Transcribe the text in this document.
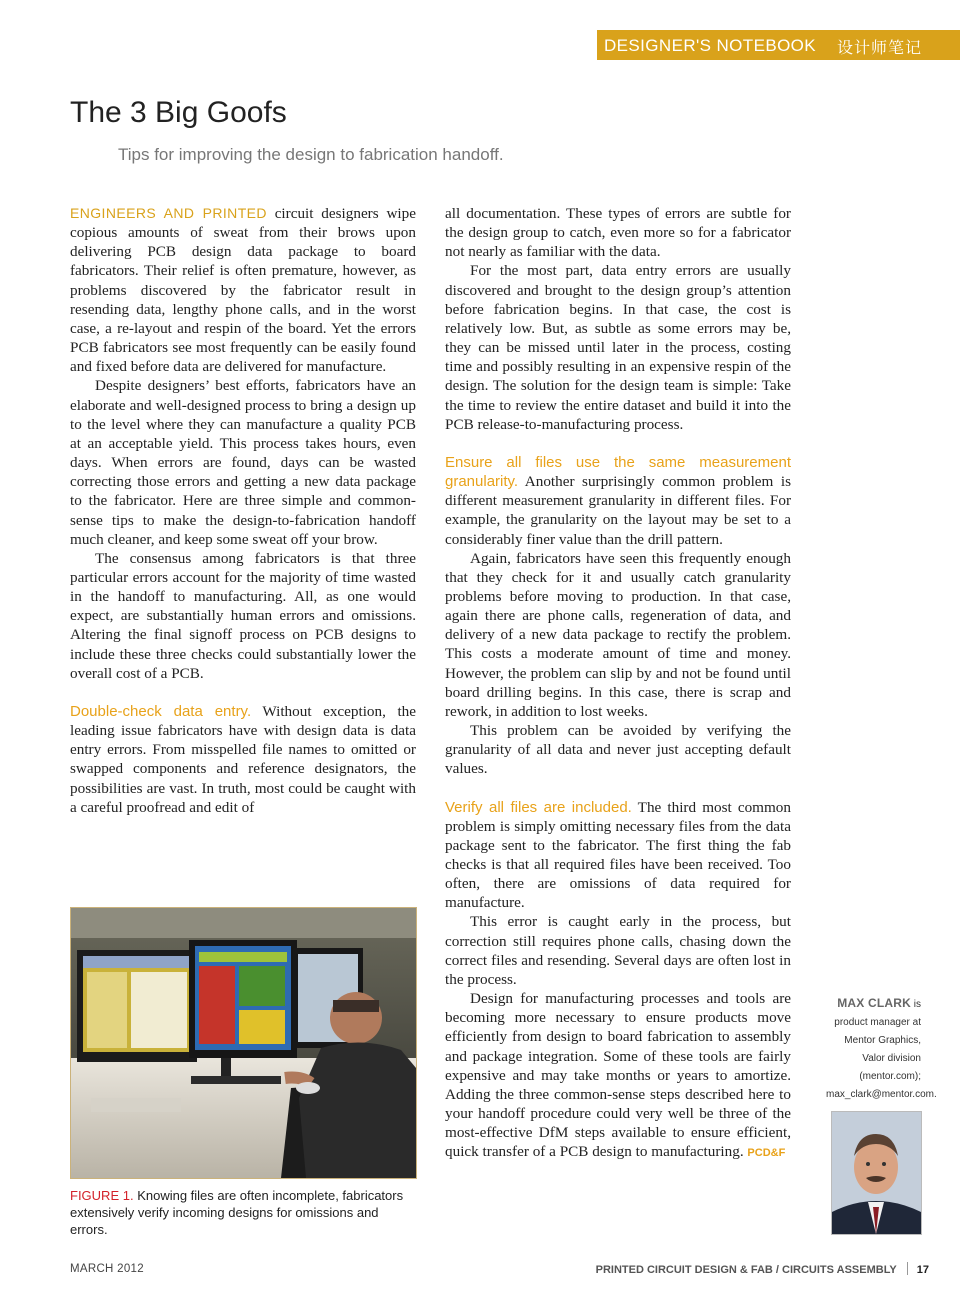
DESIGNER'S NOTEBOOK 设计师笔记
The 3 Big Goofs
Tips for improving the design to fabrication handoff.

ENGINEERS AND PRINTED circuit designers wipe copious amounts of sweat from their brows upon delivering PCB design data package to board fabricators. Their relief is often premature, however, as problems discovered by the fabricator result in resending data, lengthy phone calls, and in the worst case, a re-layout and respin of the board. Yet the errors PCB fabricators see most frequently can be easily found and fixed before data are delivered for manufacture.

Despite designers’ best efforts, fabricators have an elaborate and well-designed process to bring a design up to the level where they can manufacture a quality PCB at an acceptable yield. This process takes hours, even days. When errors are found, days can be wasted correcting those errors and getting a new data package to the fabricator. Here are three simple and common-sense tips to make the design-to-fabrication handoff much cleaner, and keep some sweat off your brow.

The consensus among fabricators is that three particular errors account for the majority of time wasted in the handoff to manufacturing. All, as one would expect, are substantially human errors and omissions. Altering the final signoff process on PCB designs to include these three checks could substantially lower the overall cost of a PCB.

Double-check data entry. Without exception, the leading issue fabricators have with design data is data entry errors. From misspelled file names to omitted or swapped components and reference designators, the possibilities are vast. In truth, most could be caught with a careful proofread and edit of

all documentation. These types of errors are subtle for the design group to catch, even more so for a fabricator not nearly as familiar with the data.

For the most part, data entry errors are usually discovered and brought to the design group’s attention before fabrication begins. In that case, the cost is relatively low. But, as subtle as some errors may be, they can be missed until later in the process, costing time and possibly resulting in an expensive respin of the design. The solution for the design team is simple: Take the time to review the entire dataset and build it into the PCB release-to-manufacturing process.

Ensure all files use the same measurement granularity. Another surprisingly common problem is different measurement granularity in different files. For example, the granularity on the layout may be set to a considerably finer value than the drill pattern.

Again, fabricators have seen this frequently enough that they check for it and usually catch granularity problems before moving to production. In that case, again there are phone calls, regeneration of data, and delivery of a new data package to rectify the problem. This costs a moderate amount of time and money. However, the problem can slip by and not be found until board drilling begins. In this case, there is scrap and rework, in addition to lost weeks.

This problem can be avoided by verifying the granularity of all data and never just accepting default values.

Verify all files are included. The third most common problem is simply omitting necessary files from the data package sent to the fabricator. The first thing the fab checks is that all required files have been received. Too often, there are omissions of data required for manufacture.

This error is caught early in the process, but correction still requires phone calls, chasing down the correct files and resending. Several days are often lost in the process.

Design for manufacturing processes and tools are becoming more necessary to ensure products move efficiently from design to board fabrication to assembly and package integration. Some of these tools are fairly expensive and may take months or years to amortize. Adding the three common-sense steps described here to your handoff procedure could very well be three of the most-effective DfM steps available to ensure efficient, quick transfer of a PCB design to manufacturing. PCD&F

FIGURE 1. Knowing files are often incomplete, fabricators extensively verify incoming designs for omissions and errors.
MAX CLARK is product manager at Mentor Graphics, Valor division (mentor.com); max_clark@mentor.com.
MARCH 2012	PRINTED CIRCUIT DESIGN & FAB / CIRCUITS ASSEMBLY 17
